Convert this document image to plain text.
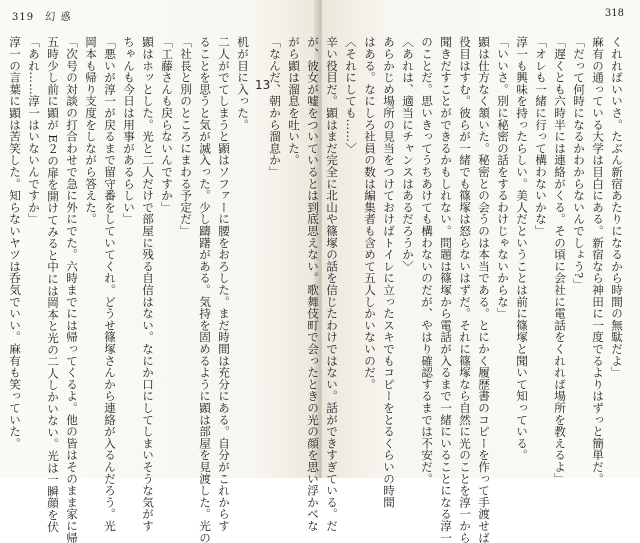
319 幻 惑

机が目に入った。

二人がでてしまうと顕はソファーに腰をおろした。まだ時間は充分にある。自分がこれからす

ることを思うと気が滅入った。少し躊躇がある。気持を固めるように顕は部屋を見渡した。光の

「社長と別のところにまわる予定だ」

「工藤さんも戻らないんですか」

顕はホッとした。光と二人だけで部屋に残る自信はない。なにか口にしてしまいそうな気がす

ちゃんも今日は用事があるらしい」

「悪いが淳一が戻るまで留守番をしていてくれ。どうせ篠塚さんから連絡が入るんだろう。光

岡本も帰り支度をしながら答えた。

「次号の対談の打合わせで急に外にでた。六時までには帰ってくるよ。他の皆はそのまま家に帰

五時少し前に顕が E２の扉を開けてみると中には岡本と光の二人しかいない。光は一瞬顔を伏

「あれ……淳一はいないんですか」

淳一の言葉に顕は苦笑した。知らないヤツは呑気でいい。麻有も笑っていた。	13
318

くれればいいさ。たぶん新宿あたりになるから時間の無駄だよ」

麻有の通っている大学は目白にある。新宿なら神田に一度でるよりはずっと簡単だ。

「だって何時になるかわからないんでしょう?」

「遅くとも六時半には連絡がくる。その頃に会社に電話をくれれば場所を教えるよ」

「オレも一緒に行って構わないかな」

淳一も興味を持ったらしい。美人だということは前に篠塚と聞いて知っている。

「いいさ。別に秘密の話をするわけじゃないからな」

顕は仕方なく頷いた。秘密との会うのは本当である。とにかく履歴書のコピーを作って手渡せば

役目はすむ。彼らが一緒でも篠塚は怒らないはずだ。それに篠塚なら自然に光のことを淳一から

聞きだすことができるかもしれない。問題は篠塚から電話が入るまで一緒にいることになる淳一

のことだ。思いきってうちあけても構わないのだが、やはり確認するまでは不安だ。

〈あれは、適当にチャンスはあるだろうか〉

あらかじめ場所の見当をつけておけばトイレに立ったスキでもコピーをとるくらいの時間

はある。なにしろ社員の数は編集者も含めて五人しかいないのだ。

〈それにしても……〉

辛い役目だ。顕はまだ完全に北山や篠塚の話を信じたわけではない。話ができすぎている。だ

が、彼女が嘘をついているとは到底思えない。歌舞伎町で会ったときの光の顔を思い浮かべな

がら顕は溜息を吐いた。

「なんだ、朝から溜息か」
